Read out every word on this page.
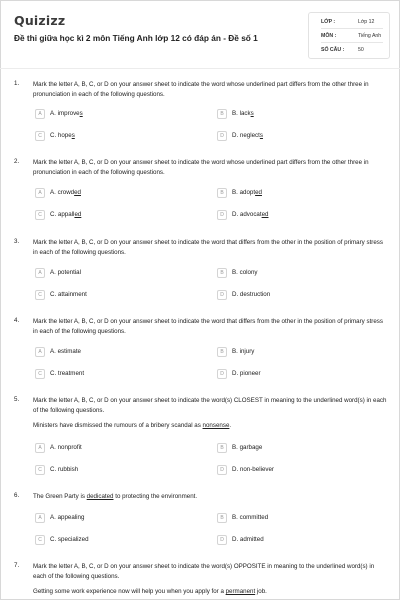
Quizizz
Đề thi giữa học kì 2 môn Tiếng Anh lớp 12 có đáp án - Đề số 1
LỚP :	Lớp 12
MÔN :	Tiếng Anh
SỐ CÂU :	50
1. Mark the letter A, B, C, or D on your answer sheet to indicate the word whose underlined part differs from the other three in pronunciation in each of the following questions.
A	A. improves	B	B. lacks
C	C. hopes	D	D. neglects
2. Mark the letter A, B, C, or D on your answer sheet to indicate the word whose underlined part differs from the other three in pronunciation in each of the following questions.
A	A. crowded	B	B. adopted
C	C. appalled	D	D. advocated
3. Mark the letter A, B, C, or D on your answer sheet to indicate the word that differs from the other in the position of primary stress in each of the following questions.
A	A. potential	B	B. colony
C	C. attainment	D	D. destruction
4. Mark the letter A, B, C, or D on your answer sheet to indicate the word that differs from the other in the position of primary stress in each of the following questions.
A	A. estimate	B	B. injury
C	C. treatment	D	D. pioneer
5. Mark the letter A, B, C, or D on your answer sheet to indicate the word(s) CLOSEST in meaning to the underlined word(s) in each of the following questions.
Ministers have dismissed the rumours of a bribery scandal as nonsense.
A	A. nonprofit	B	B. garbage
C	C. rubbish	D	D. non-believer
6. The Green Party is dedicated to protecting the environment.
A	A. appealing	B	B. committed
C	C. specialized	D	D. admitted
7. Mark the letter A, B, C, or D on your answer sheet to indicate the word(s) OPPOSITE in meaning to the underlined word(s) in each of the following questions.
Getting some work experience now will help you when you apply for a permanent job.
